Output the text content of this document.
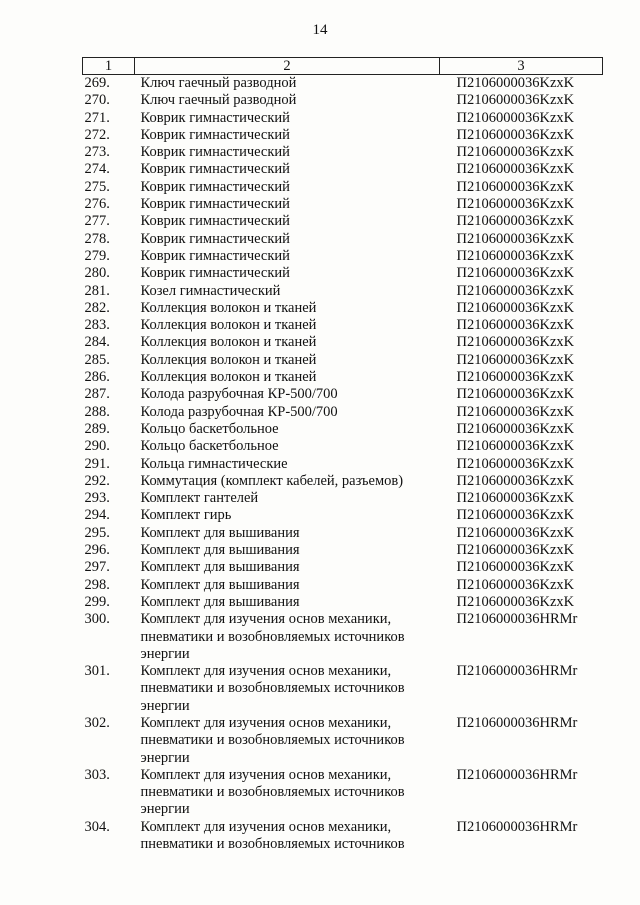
14
1	2	3
269.	Ключ гаечный разводной	П2106000036KzxK
270.	Ключ гаечный разводной	П2106000036KzxK
271.	Коврик гимнастический	П2106000036KzxK
272.	Коврик гимнастический	П2106000036KzxK
273.	Коврик гимнастический	П2106000036KzxK
274.	Коврик гимнастический	П2106000036KzxK
275.	Коврик гимнастический	П2106000036KzxK
276.	Коврик гимнастический	П2106000036KzxK
277.	Коврик гимнастический	П2106000036KzxK
278.	Коврик гимнастический	П2106000036KzxK
279.	Коврик гимнастический	П2106000036KzxK
280.	Коврик гимнастический	П2106000036KzxK
281.	Козел гимнастический	П2106000036KzxK
282.	Коллекция волокон и тканей	П2106000036KzxK
283.	Коллекция волокон и тканей	П2106000036KzxK
284.	Коллекция волокон и тканей	П2106000036KzxK
285.	Коллекция волокон и тканей	П2106000036KzxK
286.	Коллекция волокон и тканей	П2106000036KzxK
287.	Колода разрубочная КР-500/700	П2106000036KzxK
288.	Колода разрубочная КР-500/700	П2106000036KzxK
289.	Кольцо баскетбольное	П2106000036KzxK
290.	Кольцо баскетбольное	П2106000036KzxK
291.	Кольца гимнастические	П2106000036KzxK
292.	Коммутация (комплект кабелей, разъемов)	П2106000036KzxK
293.	Комплект гантелей	П2106000036KzxK
294.	Комплект гирь	П2106000036KzxK
295.	Комплект для вышивания	П2106000036KzxK
296.	Комплект для вышивания	П2106000036KzxK
297.	Комплект для вышивания	П2106000036KzxK
298.	Комплект для вышивания	П2106000036KzxK
299.	Комплект для вышивания	П2106000036KzxK
300.	Комплект для изучения основ механики,
пневматики и возобновляемых источников
энергии	П2106000036HRMr
301.	Комплект для изучения основ механики,
пневматики и возобновляемых источников
энергии	П2106000036HRMr
302.	Комплект для изучения основ механики,
пневматики и возобновляемых источников
энергии	П2106000036HRMr
303.	Комплект для изучения основ механики,
пневматики и возобновляемых источников
энергии	П2106000036HRMr
304.	Комплект для изучения основ механики,
пневматики и возобновляемых источников	П2106000036HRMr
